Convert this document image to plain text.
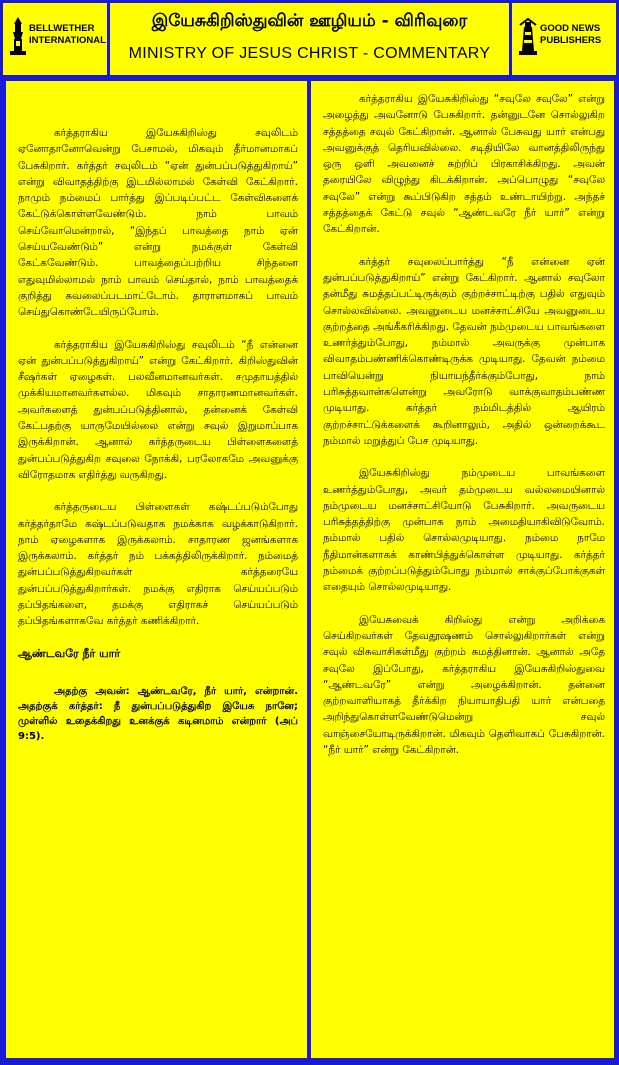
BELLWETHER
INTERNATIONAL
இயேசுகிறிஸ்துவின் ஊழியம் - விரிவுரை
MINISTRY OF JESUS CHRIST - COMMENTARY
GOOD NEWS
PUBLISHERS

கர்த்தராகிய இயேசுகிறிஸ்து சவுலிடம் ஏனோதானோவென்று பேசாமல், மிகவும் தீர்மானமாகப் பேசுகிறார். கர்த்தர் சவுலிடம் “ஏன் துன்பப்படுத்துகிறாய்” என்று விவாதத்திற்கு இடமில்லாமல் கேள்வி கேட்கிறார். நாமும் நம்மைப் பார்த்து இப்படிப்பட்ட கேள்விகளைக் கேட்டுக்கொள்ளவேண்டும். நாம் பாவம் செய்வோமென்றால், “இந்தப் பாவத்தை நாம் ஏன் செய்யவேண்டும்” என்று நமக்குள் கேள்வி கேட்கவேண்டும். பாவத்தைப்பற்றிய சிந்தனை எதுவுமில்லாமல் நாம் பாவம் செய்தால், நாம் பாவத்தைக் குறித்து கவலைப்படமாட்டோம். தாராளமாகப் பாவம் செய்துகொண்டேயிருப்போம்.

கர்த்தராகிய இயேசுகிறிஸ்து சவுலிடம் “நீ என்னை ஏன் துன்பப்படுத்துகிறாய்” என்று கேட்கிறார். கிறிஸ்துவின் சீஷர்கள் ஏழைகள். பலவீனமானவர்கள். சமுதாயத்தில் முக்கியமானவர்களல்ல. மிகவும் சாதாரணமானவர்கள். அவர்களைத் துன்பப்படுத்தினால், தன்னைக் கேள்வி கேட்பதற்கு யாருமேயில்லை என்று சவுல் இறுமாப்பாக இருக்கிறான். ஆனால் கர்த்தருடைய பிள்ளைகளைத் துன்பப்படுத்துகிற சவுலை நோக்கி, பரலோகமே அவனுக்கு விரோதமாக எதிர்த்து வருகிறது.

கர்த்தருடைய பிள்ளைகள் கஷ்டப்படும்போது கர்த்தர்தாமே கஷ்டப்படுவதாக நமக்காக வழக்காடுகிறார். நாம் ஏழைகளாக இருக்கலாம். சாதாரண ஜனங்களாக இருக்கலாம். கர்த்தர் நம் பக்கத்திலிருக்கிறார். நம்மைத் துன்பப்படுத்துகிறவர்கள் கர்த்தரையே துன்பப்படுத்துகிறார்கள். நமக்கு எதிராக செய்யப்படும் தப்பிதங்களை, தமக்கு எதிராகச் செய்யப்படும் தப்பிதங்களாகவே கர்த்தர் கணிக்கிறார்.

ஆண்டவரே நீர் யார்

அதற்கு அவன்: ஆண்டவரே, நீர் யார், என்றான். அதற்குக் கர்த்தர்: நீ துன்பப்படுத்துகிற இயேசு நானே; முள்ளில் உதைக்கிறது உனக்குக் கடினமாம் என்றார் (அப் 9:5).

கர்த்தராகிய இயேசுகிறிஸ்து “சவுலே சவுலே” என்று அழைத்து அவனோடு பேசுகிறார். தன்னுடனே சொல்லுகிற சத்தத்தை சவுல் கேட்கிறான். ஆனால் பேசுவது யார் என்பது அவனுக்குத் தெரியவில்லை. சடிதியிலே வானத்திலிருந்து ஒரு ஒளி அவனைச் சுற்றிப் பிரகாசிக்கிறது. அவன் தரையிலே விழுந்து கிடக்கிறான். அப்பொழுது “சவுலே சவுலே” என்று கூப்பிடுகிற சத்தம் உண்டாயிற்று. அந்தச் சத்தத்தைக் கேட்டு சவுல் “ஆண்டவரே நீர் யார்” என்று கேட்கிறான்.

கர்த்தர் சவுலைப்பார்த்து “நீ என்னை ஏன் துன்பப்படுத்துகிறாய்” என்று கேட்கிறார். ஆனால் சவுலோ தன்மீது சுமத்தப்பட்டிருக்கும் குற்றச்சாட்டிற்கு பதில் எதுவும் சொல்லவில்லை. அவனுடைய மனச்சாட்சியே அவனுடைய குற்றத்தை அங்கீகரிக்கிறது. தேவன் நம்முடைய பாவங்களை உணர்த்தும்போது, நம்மால் அவருக்கு முன்பாக விவாதம்பண்ணிக்கொண்டிருக்க முடியாது. தேவன் நம்மை பாவியென்று நியாயந்தீர்க்கும்போது, நாம் பரிசுத்தவான்களென்று அவரோடு வாக்குவாதம்பண்ண முடியாது. கர்த்தர் நம்மிடத்தில் ஆயிரம் குற்றச்சாட்டுக்களைக் கூறினாலும், அதில் ஒன்றைக்கூட நம்மால் மறுத்துப் பேச முடியாது.

இயேசுகிறிஸ்து நம்முடைய பாவங்களை உணர்த்தும்போது, அவர் தம்முடைய வல்லமையினால் நம்முடைய மனச்சாட்சியோடு பேசுகிறார். அவருடைய பரிசுத்தத்திற்கு முன்பாக நாம் அமைதியாகிவிடுவோம். நம்மால் பதில் சொல்லமுடியாது. நம்மை நாமே நீதிமான்களாகக் காண்பித்துக்கொள்ள முடியாது. கர்த்தர் நம்மைக் குற்றப்படுத்தும்போது நம்மால் சாக்குப்போக்குகள் எதையும் சொல்லமுடியாது.

இயேசுவைக் கிறிஸ்து என்று அறிக்கை செய்கிறவர்கள் தேவதூஷணம் சொல்லுகிறார்கள் என்று சவுல் விசுவாசிகள்மீது குற்றம் சுமத்தினான். ஆனால் அதே சவுலே இப்போது, கர்த்தராகிய இயேசுகிறிஸ்துவை “ஆண்டவரே” என்று அழைக்கிறான். தன்னை குற்றவாளியாகத் தீர்க்கிற நியாயாதிபதி யார் என்பதை அறிந்துகொள்ளவேண்டுமென்று சவுல் வாஞ்சையோடிருக்கிறான். மிகவும் தெளிவாகப் பேசுகிறான். “நீர் யார்” என்று கேட்கிறான்.
